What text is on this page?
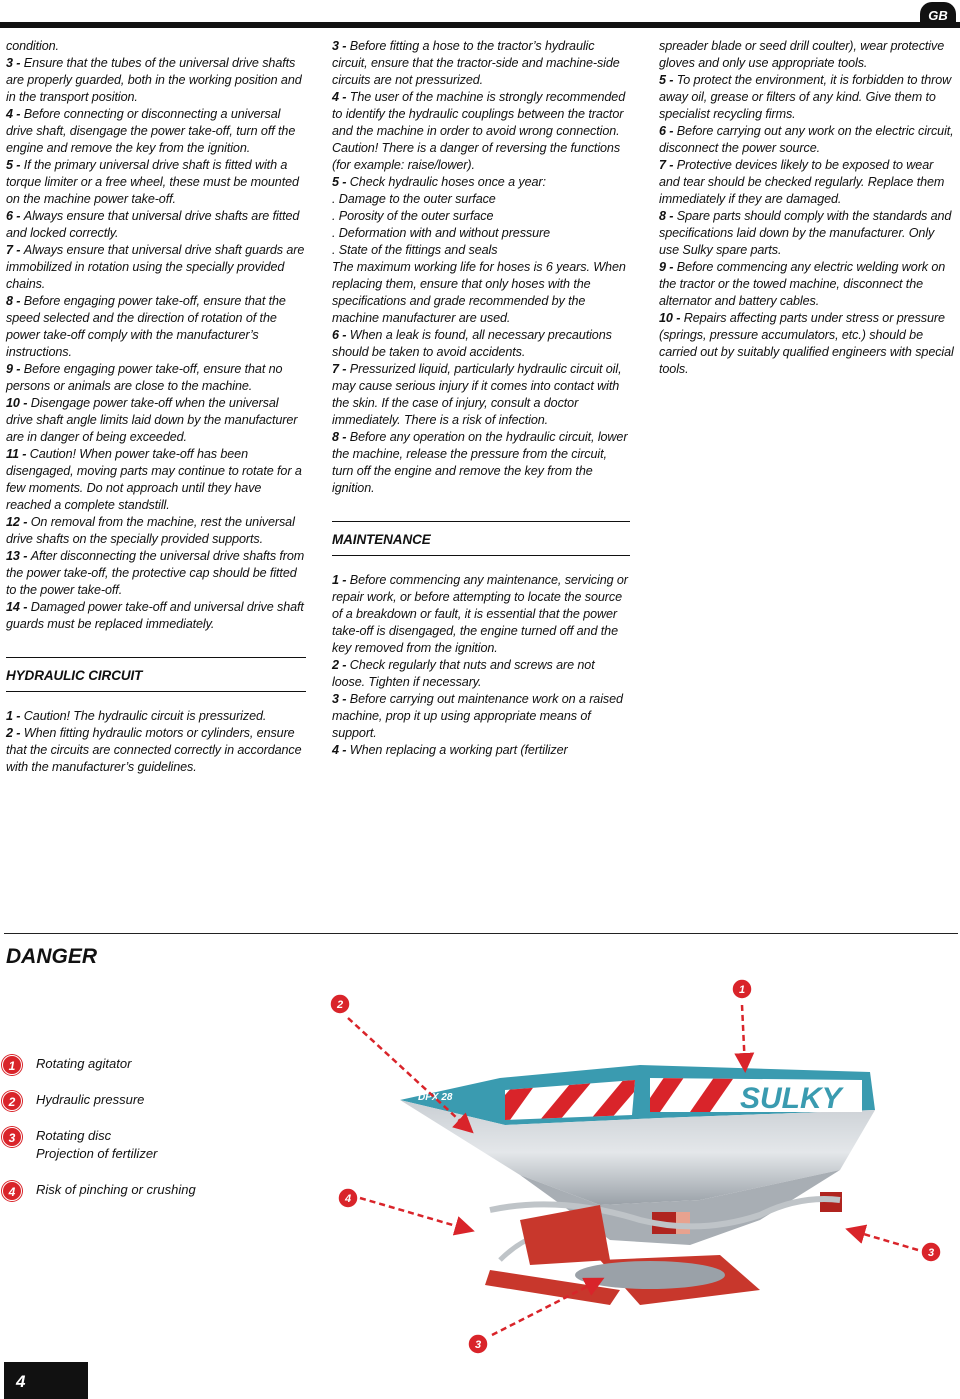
GB

condition.

3 - Ensure that the tubes of the universal drive shafts are properly guarded, both in the working position and in the transport position.

4 - Before connecting or disconnecting a universal drive shaft, disengage the power take-off, turn off the engine and remove the key from the ignition.

5 - If the primary universal drive shaft is fitted with a torque limiter or a free wheel, these must be mounted on the machine power take-off.

6 - Always ensure that universal drive shafts are fitted and locked correctly.

7 - Always ensure that universal drive shaft guards are immobilized in rotation using the specially provided chains.

8 - Before engaging power take-off, ensure that the speed selected and the direction of rotation of the power take-off comply with the manufacturer’s instructions.

9 - Before engaging power take-off, ensure that no persons or animals are close to the machine.

10 - Disengage power take-off when the universal drive shaft angle limits laid down by the manufacturer are in danger of being exceeded.

11 - Caution! When power take-off has been disengaged, moving parts may continue to rotate for a few moments. Do not approach until they have reached a complete standstill.

12 - On removal from the machine, rest the universal drive shafts on the specially provided supports.

13 - After disconnecting the universal drive shafts from the power take-off, the protective cap should be fitted to the power take-off.

14 - Damaged power take-off and universal drive shaft guards must be replaced immediately.

HYDRAULIC CIRCUIT

1 - Caution! The hydraulic circuit is pressurized.

2 - When fitting hydraulic motors or cylinders, ensure that the circuits are connected correctly in accordance with the manufacturer’s guidelines.

3 - Before fitting a hose to the tractor’s hydraulic circuit, ensure that the tractor-side and machine-side circuits are not pressurized.

4 - The user of the machine is strongly recommended to identify the hydraulic couplings between the tractor and the machine in order to avoid wrong connection. Caution! There is a danger of reversing the functions (for example: raise/lower).

5 - Check hydraulic hoses once a year:

. Damage to the outer surface

. Porosity of the outer surface

. Deformation with and without pressure

. State of the fittings and seals

The maximum working life for hoses is 6 years. When replacing them, ensure that only hoses with the specifications and grade recommended by the machine manufacturer are used.

6 - When a leak is found, all necessary precautions should be taken to avoid accidents.

7 - Pressurized liquid, particularly hydraulic circuit oil, may cause serious injury if it comes into contact with the skin. If the case of injury, consult a doctor immediately. There is a risk of infection.

8 - Before any operation on the hydraulic circuit, lower the machine, release the pressure from the circuit, turn off the engine and remove the key from the ignition.

MAINTENANCE

1 - Before commencing any maintenance, servicing or repair work, or before attempting to locate the source of a breakdown or fault, it is essential that the power take-off is disengaged, the engine turned off and the key removed from the ignition.

2 - Check regularly that nuts and screws are not loose. Tighten if necessary.

3 - Before carrying out maintenance work on a raised machine, prop it up using appropriate means of support.

4 - When replacing a working part (fertilizer

spreader blade or seed drill coulter), wear protective gloves and only use appropriate tools.

5 - To protect the environment, it is forbidden to throw away oil, grease or filters of any kind. Give them to specialist recycling firms.

6 - Before carrying out any work on the electric circuit, disconnect the power source.

7 - Protective devices likely to be exposed to wear and tear should be checked regularly. Replace them immediately if they are damaged.

8 - Spare parts should comply with the standards and specifications laid down by the manufacturer. Only use Sulky spare parts.

9 - Before commencing any electric welding work on the tractor or the towed machine, disconnect the alternator and battery cables.

10 - Repairs affecting parts under stress or pressure (springs, pressure accumulators, etc.) should be carried out by suitably qualified engineers with special tools.

DANGER
1	Rotating agitator
2	Hydraulic pressure
3	Rotating disc
Projection of fertilizer
4	Risk of pinching or crushing
DPX 28	SULKY
1
2
3
4
3
4
